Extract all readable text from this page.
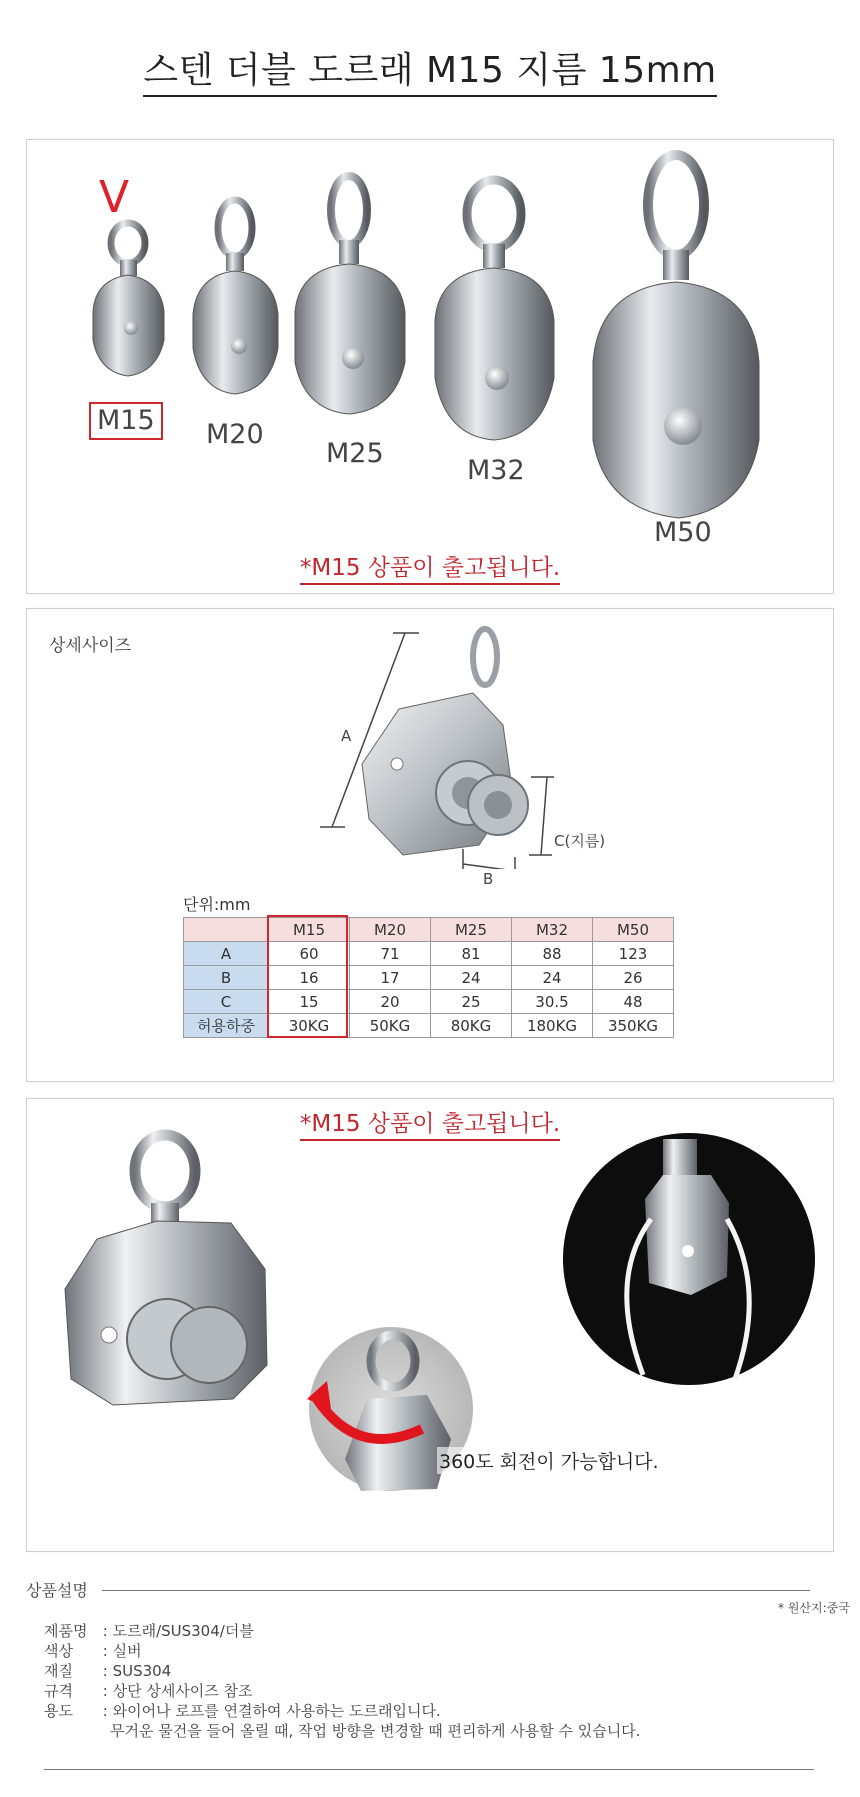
스텐 더블 도르래 M15 지름 15mm
V
M15 M20
M25
M32
M50
*M15 상품이 출고됩니다.
상세사이즈
A
C(지름)
B
단위:mm
	M15	M20	M25	M32	M50
A	60	71	81	88	123
B	16	17	24	24	26
C	15	20	25	30.5	48
허용하중	30KG	50KG	80KG	180KG	350KG
*M15 상품이 출고됩니다.
360도 회전이 가능합니다.
상품설명
* 원산지:중국
제품명 : 도르래/SUS304/더블
색상 : 실버
재질 : SUS304
규격 : 상단 상세사이즈 참조
용도 : 와이어나 로프를 연결하여 사용하는 도르래입니다.
무거운 물건을 들어 올릴 때, 작업 방향을 변경할 때 편리하게 사용할 수 있습니다.
